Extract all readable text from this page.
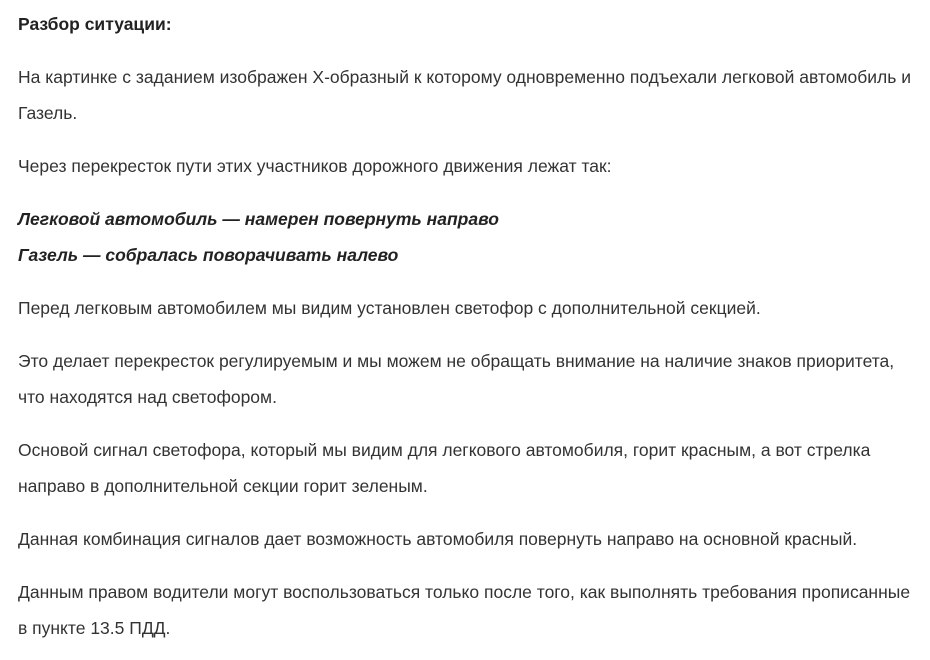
Разбор ситуации:

На картинке с заданием изображен Х-образный к которому одновременно подъехали легковой автомобиль и Газель.

Через перекресток пути этих участников дорожного движения лежат так:

Легковой автомобиль — намерен повернуть направо

Газель — собралась поворачивать налево

Перед легковым автомобилем мы видим установлен светофор с дополнительной секцией.

Это делает перекресток регулируемым и мы можем не обращать внимание на наличие знаков приоритета, что находятся над светофором.

Основой сигнал светофора, который мы видим для легкового автомобиля, горит красным, а вот стрелка направо в дополнительной секции горит зеленым.

Данная комбинация сигналов дает возможность автомобиля повернуть направо на основной красный.

Данным правом водители могут воспользоваться только после того, как выполнять требования прописанные в пункте 13.5 ПДД.
